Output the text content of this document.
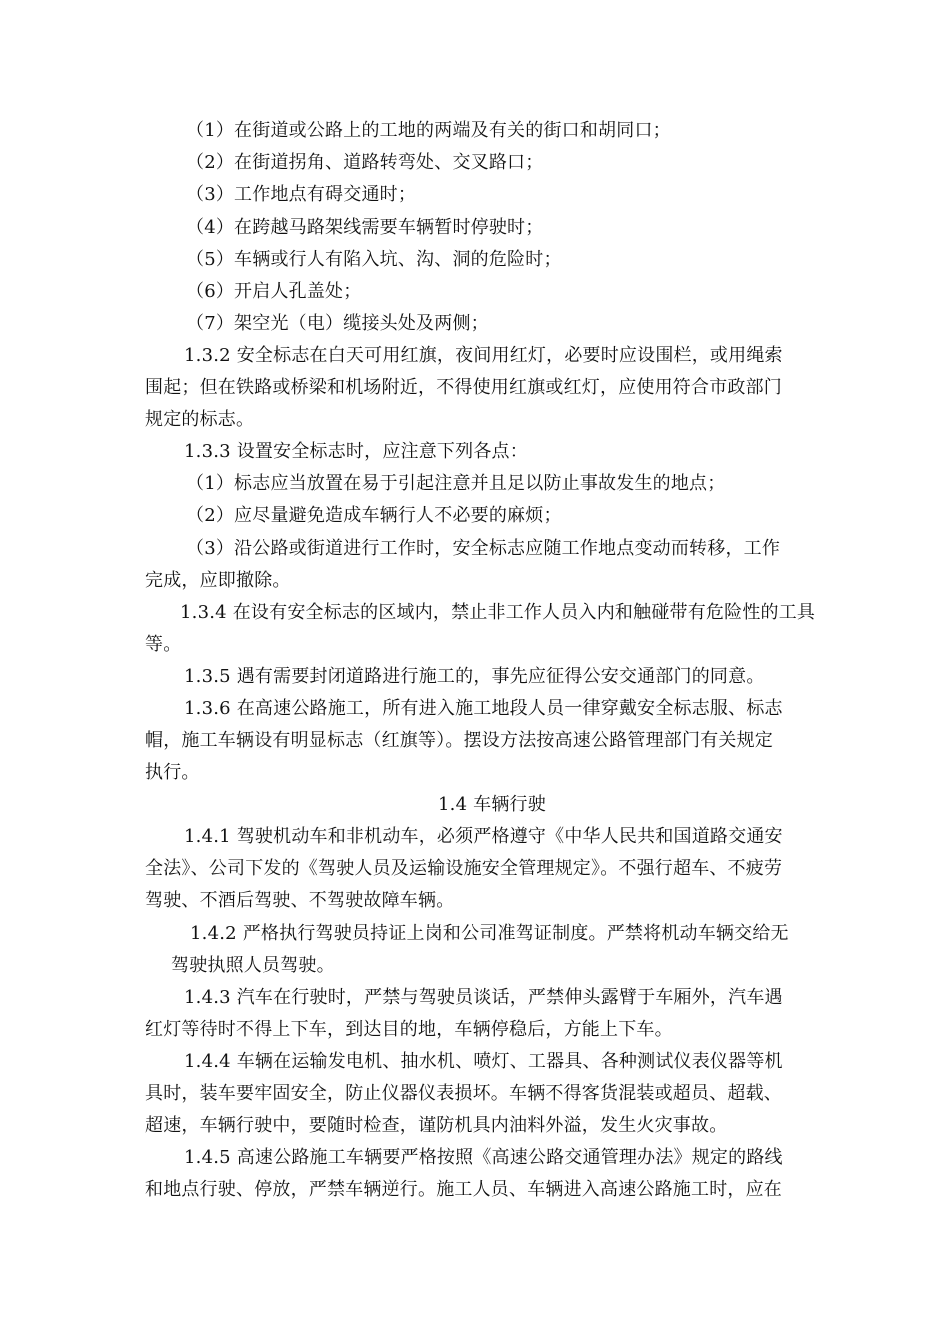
（1）在街道或公路上的工地的两端及有关的街口和胡同口；
（2）在街道拐角、道路转弯处、交叉路口；
（3）工作地点有碍交通时；
（4）在跨越马路架线需要车辆暂时停驶时；
（5）车辆或行人有陷入坑、沟、洞的危险时；
（6）开启人孔盖处；
（7）架空光（电）缆接头处及两侧；
1.3.2 安全标志在白天可用红旗，夜间用红灯，必要时应设围栏，或用绳索
围起；但在铁路或桥梁和机场附近，不得使用红旗或红灯，应使用符合市政部门
规定的标志。
1.3.3 设置安全标志时，应注意下列各点：
（1）标志应当放置在易于引起注意并且足以防止事故发生的地点；
（2）应尽量避免造成车辆行人不必要的麻烦；
（3）沿公路或街道进行工作时，安全标志应随工作地点变动而转移，工作
完成，应即撤除。
1.3.4 在设有安全标志的区域内，禁止非工作人员入内和触碰带有危险性的工具
等。
1.3.5 遇有需要封闭道路进行施工的，事先应征得公安交通部门的同意。
1.3.6 在高速公路施工，所有进入施工地段人员一律穿戴安全标志服、标志
帽，施工车辆设有明显标志（红旗等）。摆设方法按高速公路管理部门有关规定
执行。
1.4 车辆行驶
1.4.1 驾驶机动车和非机动车，必须严格遵守《中华人民共和国道路交通安
全法》、公司下发的《驾驶人员及运输设施安全管理规定》。不强行超车、不疲劳
驾驶、不酒后驾驶、不驾驶故障车辆。
1.4.2 严格执行驾驶员持证上岗和公司准驾证制度。严禁将机动车辆交给无
驾驶执照人员驾驶。
1.4.3 汽车在行驶时，严禁与驾驶员谈话，严禁伸头露臂于车厢外，汽车遇
红灯等待时不得上下车，到达目的地，车辆停稳后，方能上下车。
1.4.4 车辆在运输发电机、抽水机、喷灯、工器具、各种测试仪表仪器等机
具时，装车要牢固安全，防止仪器仪表损坏。车辆不得客货混装或超员、超载、
超速，车辆行驶中，要随时检查，谨防机具内油料外溢，发生火灾事故。
1.4.5 高速公路施工车辆要严格按照《高速公路交通管理办法》规定的路线
和地点行驶、停放，严禁车辆逆行。施工人员、车辆进入高速公路施工时，应在
